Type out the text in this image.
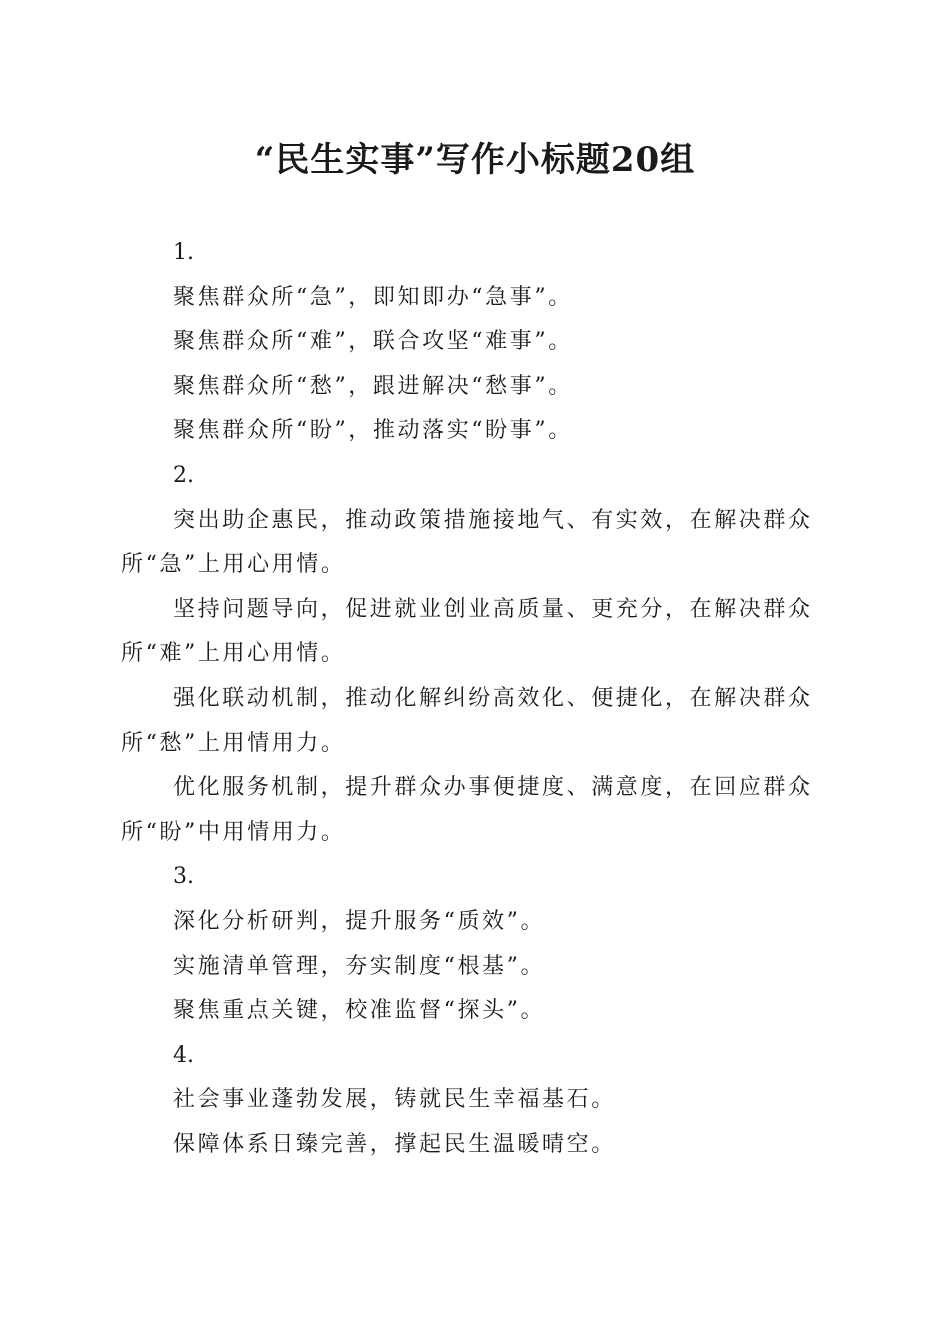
“民生实事”写作小标题20组

1.

聚焦群众所“急”，即知即办“急事”。

聚焦群众所“难”，联合攻坚“难事”。

聚焦群众所“愁”，跟进解决“愁事”。

聚焦群众所“盼”，推动落实“盼事”。

2.

突出助企惠民，推动政策措施接地气、有实效，在解决群众所“急”上用心用情。

坚持问题导向，促进就业创业高质量、更充分，在解决群众所“难”上用心用情。

强化联动机制，推动化解纠纷高效化、便捷化，在解决群众所“愁”上用情用力。

优化服务机制，提升群众办事便捷度、满意度，在回应群众所“盼”中用情用力。

3.

深化分析研判，提升服务“质效”。

实施清单管理，夯实制度“根基”。

聚焦重点关键，校准监督“探头”。

4.

社会事业蓬勃发展，铸就民生幸福基石。

保障体系日臻完善，撑起民生温暖晴空。
